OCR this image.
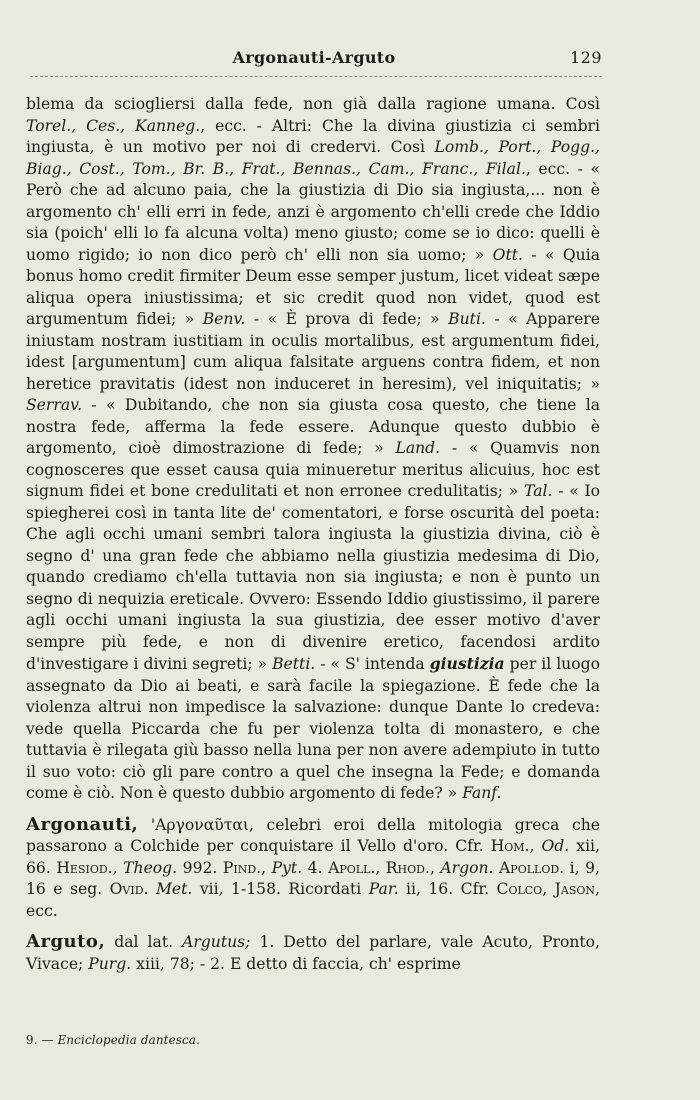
Argonauti-Arguto	129

blema da sciogliersi dalla fede, non già dalla ragione umana. Così Torel., Ces., Kanneg., ecc. - Altri: Che la divina giustizia ci sembri ingiusta, è un motivo per noi di credervi. Così Lomb., Port., Pogg., Biag., Cost., Tom., Br. B., Frat., Bennas., Cam., Franc., Filal., ecc. - « Però che ad alcuno paia, che la giustizia di Dio sia ingiusta,... non è argomento ch' elli erri in fede, anzi è argomento ch'elli crede che Iddio sia (poich' elli lo fa alcuna volta) meno giusto; come se io dico: quelli è uomo rigido; io non dico però ch' elli non sia uomo; » Ott. - « Quia bonus homo credit firmiter Deum esse semper justum, licet videat sæpe aliqua opera iniustissima; et sic credit quod non videt, quod est argumentum fidei; » Benv. - « È prova di fede; » Buti. - « Apparere iniustam nostram iustitiam in oculis mortalibus, est argumentum fidei, idest [argumentum] cum aliqua falsitate arguens contra fidem, et non heretice pravitatis (idest non induceret in heresim), vel iniquitatis; » Serrav. - « Dubitando, che non sia giusta cosa questo, che tiene la nostra fede, afferma la fede essere. Adunque questo dubbio è argomento, cioè dimostrazione di fede; » Land. - « Quamvis non cognosceres que esset causa quia minueretur meritus alicuius, hoc est signum fidei et bone credulitati et non erronee credulitatis; » Tal. - « Io spiegherei così in tanta lite de' comentatori, e forse oscurità del poeta: Che agli occhi umani sembri talora ingiusta la giustizia divina, ciò è segno d' una gran fede che abbiamo nella giustizia medesima di Dio, quando crediamo ch'ella tuttavia non sia ingiusta; e non è punto un segno di nequizia ereticale. Ovvero: Essendo Iddio giustissimo, il parere agli occhi umani ingiusta la sua giustizia, dee esser motivo d'aver sempre più fede, e non di divenire eretico, facendosi ardito d'investigare i divini segreti; » Betti. - « S' intenda giustizia per il luogo assegnato da Dio ai beati, e sarà facile la spiegazione. È fede che la violenza altrui non impedisce la salvazione: dunque Dante lo credeva: vede quella Piccarda che fu per violenza tolta di monastero, e che tuttavia è rilegata giù basso nella luna per non avere adempiuto in tutto il suo voto: ciò gli pare contro a quel che insegna la Fede; e domanda come è ciò. Non è questo dubbio argomento di fede? » Fanf.

Argonauti, 'Αργοναῦται, celebri eroi della mitologia greca che passarono a Colchide per conquistare il Vello d'oro. Cfr. Hom., Od. xii, 66. Hesiod., Theog. 992. Pind., Pyt. 4. Apoll., Rhod., Argon. Apollod. i, 9, 16 e seg. Ovid. Met. vii, 1-158. Ricordati Par. ii, 16. Cfr. Colco, Jason, ecc.

Arguto, dal lat. Argutus; 1. Detto del parlare, vale Acuto, Pronto, Vivace; Purg. xiii, 78; - 2. E detto di faccia, ch' esprime

9. — Enciclopedia dantesca.
